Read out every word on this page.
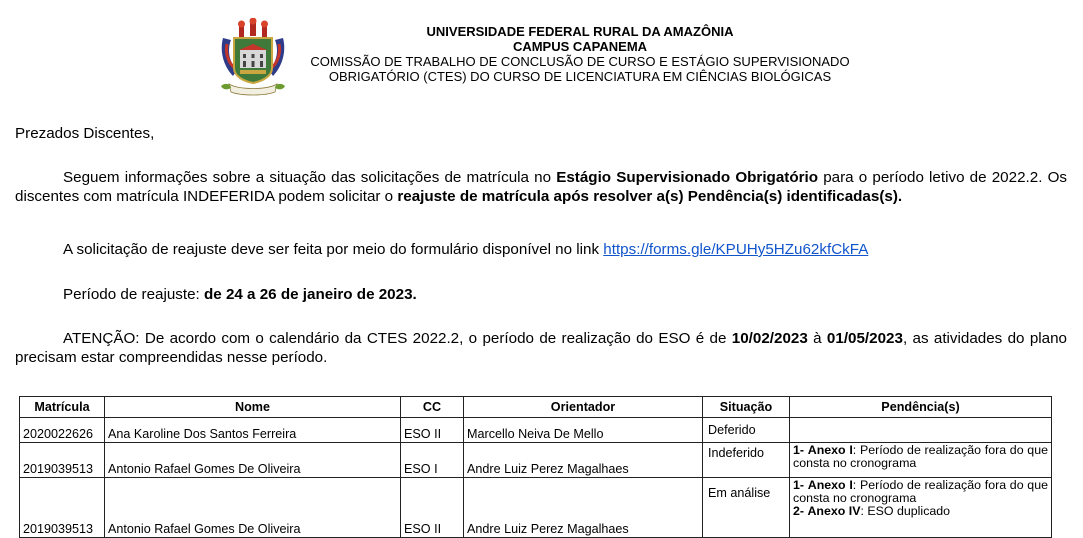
UNIVERSIDADE FEDERAL RURAL DA AMAZÔNIA
CAMPUS CAPANEMA
COMISSÃO DE TRABALHO DE CONCLUSÃO DE CURSO E ESTÁGIO SUPERVISIONADO
OBRIGATÓRIO (CTES) DO CURSO DE LICENCIATURA EM CIÊNCIAS BIOLÓGICAS
Prezados Discentes,
Seguem informações sobre a situação das solicitações de matrícula no Estágio Supervisionado Obrigatório para o período letivo de 2022.2. Os discentes com matrícula INDEFERIDA podem solicitar o reajuste de matrícula após resolver a(s) Pendência(s) identificadas(s).
A solicitação de reajuste deve ser feita por meio do formulário disponível no link https://forms.gle/KPUHy5HZu62kfCkFA
Período de reajuste: de 24 a 26 de janeiro de 2023.
ATENÇÃO: De acordo com o calendário da CTES 2022.2, o período de realização do ESO é de 10/02/2023 à 01/05/2023, as atividades do plano precisam estar compreendidas nesse período.
Matrícula	Nome	CC	Orientador	Situação	Pendência(s)
2020022626	Ana Karoline Dos Santos Ferreira	ESO II	Marcello Neiva De Mello	Deferido	
2019039513	Antonio Rafael Gomes De Oliveira	ESO I	Andre Luiz Perez Magalhaes	Indeferido	1- Anexo I: Período de realização fora do que consta no cronograma

2019039513	Antonio Rafael Gomes De Oliveira	ESO II	Andre Luiz Perez Magalhaes	Em análise	1- Anexo I: Período de realização fora do que consta no cronograma
2- Anexo IV: ESO duplicado
